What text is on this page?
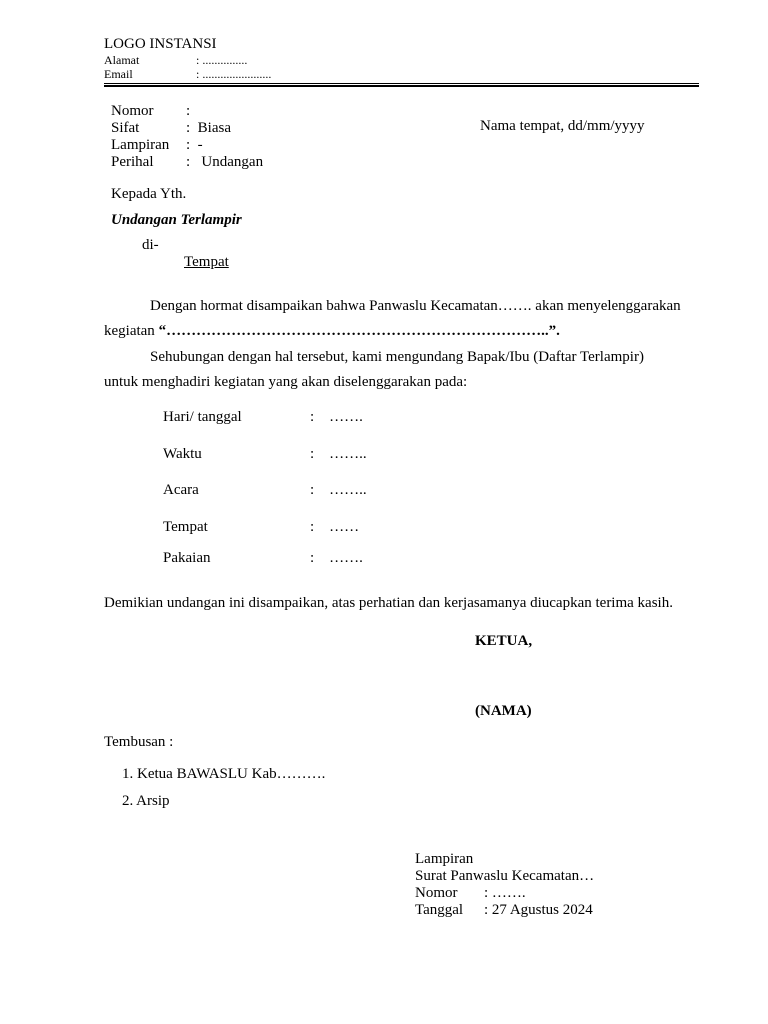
LOGO INSTANSI
Alamat	: ...............
Email	: .......................
Nomor :
Sifat	:  Biasa
Lampiran :  -
Perihal :   Undangan
Nama tempat, dd/mm/yyyy
Kepada Yth.
Undangan Terlampir
di-
Tempat
Dengan hormat disampaikan bahwa Panwaslu Kecamatan……. akan menyelenggarakan
kegiatan “…………………………………………………………………..”.
Sehubungan dengan hal tersebut, kami mengundang Bapak/Ibu (Daftar Terlampir)
untuk menghadiri kegiatan yang akan diselenggarakan pada:
Hari/ tanggal	:    …….
Waktu	:    ……..
Acara	:    ……..
Tempat	:    ……
Pakaian	:    …….
Demikian undangan ini disampaikan, atas perhatian dan kerjasamanya diucapkan terima kasih.
KETUA,
(NAMA)
Tembusan :
1. Ketua BAWASLU Kab……….
2. Arsip
Lampiran
Surat Panwaslu Kecamatan…
Nomor : …….
Tanggal : 27 Agustus 2024
